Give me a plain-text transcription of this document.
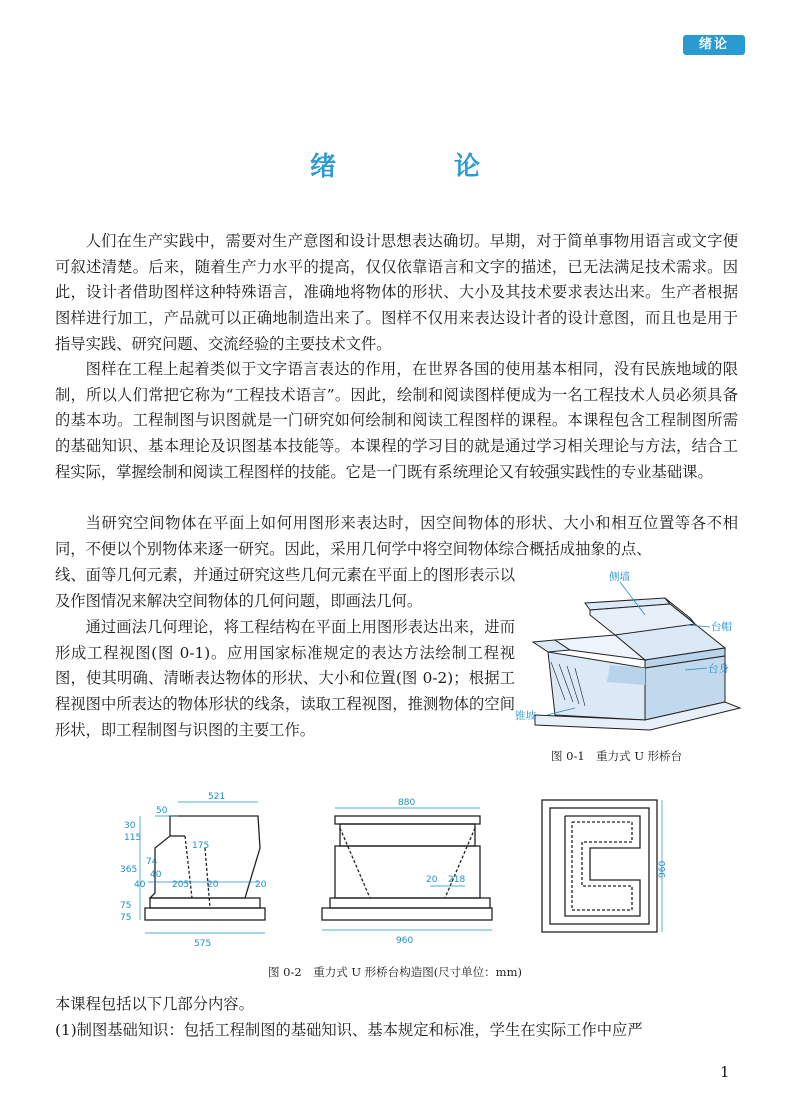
绪论
绪　论

人们在生产实践中，需要对生产意图和设计思想表达确切。早期，对于简单事物用语言或文字便可叙述清楚。后来，随着生产力水平的提高，仅仅依靠语言和文字的描述，已无法满足技术需求。因此，设计者借助图样这种特殊语言，准确地将物体的形状、大小及其技术要求表达出来。生产者根据图样进行加工，产品就可以正确地制造出来了。图样不仅用来表达设计者的设计意图，而且也是用于指导实践、研究问题、交流经验的主要技术文件。

图样在工程上起着类似于文字语言表达的作用，在世界各国的使用基本相同，没有民族地域的限制，所以人们常把它称为“工程技术语言”。因此，绘制和阅读图样便成为一名工程技术人员必须具备的基本功。工程制图与识图就是一门研究如何绘制和阅读工程图样的课程。本课程包含工程制图所需的基础知识、基本理论及识图基本技能等。本课程的学习目的就是通过学习相关理论与方法，结合工程实际，掌握绘制和阅读工程图样的技能。它是一门既有系统理论又有较强实践性的专业基础课。

当研究空间物体在平面上如何用图形来表达时，因空间物体的形状、大小和相互位置等各不相同，不便以个别物体来逐一研究。因此，采用几何学中将空间物体综合概括成抽象的点、

线、面等几何元素，并通过研究这些几何元素在平面上的图形表示以及作图情况来解决空间物体的几何问题，即画法几何。

通过画法几何理论，将工程结构在平面上用图形表达出来，进而形成工程视图(图 0-1)。应用国家标准规定的表达方法绘制工程视图，使其明确、清晰表达物体的形状、大小和位置(图 0-2)；根据工程视图中所表达的物体形状的线条，读取工程视图，推测物体的空间形状，即工程制图与识图的主要工作。

侧墙
台帽
台身
锥坡
图 0-1　重力式 U 形桥台
521
50
30
115
175
365
74
40
40
205 20	20
75
75
575
880
20 218
960
960
图 0-2　重力式 U 形桥台构造图(尺寸单位：mm)

本课程包括以下几部分内容。

(1)制图基础知识：包括工程制图的基础知识、基本规定和标准，学生在实际工作中应严

1
